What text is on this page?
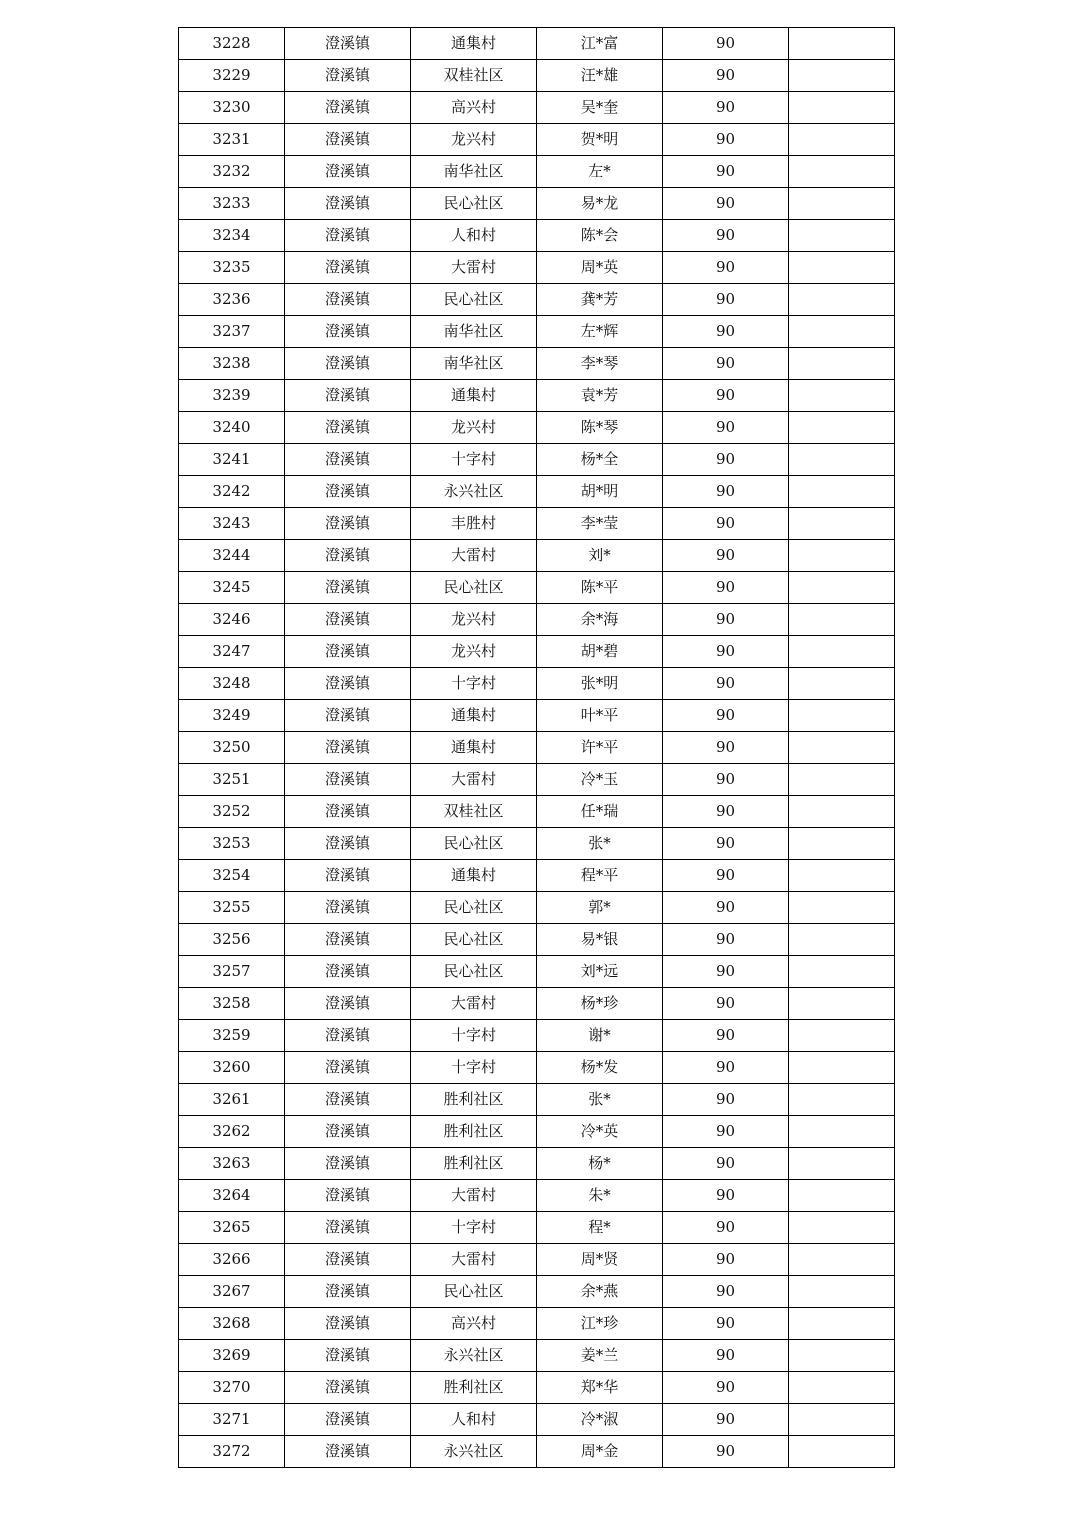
3228	澄溪镇	通集村	江*富	90	
3229	澄溪镇	双桂社区	汪*雄	90	
3230	澄溪镇	高兴村	吴*奎	90	
3231	澄溪镇	龙兴村	贺*明	90	
3232	澄溪镇	南华社区	左*	90	
3233	澄溪镇	民心社区	易*龙	90	
3234	澄溪镇	人和村	陈*会	90	
3235	澄溪镇	大雷村	周*英	90	
3236	澄溪镇	民心社区	龚*芳	90	
3237	澄溪镇	南华社区	左*辉	90	
3238	澄溪镇	南华社区	李*琴	90	
3239	澄溪镇	通集村	袁*芳	90	
3240	澄溪镇	龙兴村	陈*琴	90	
3241	澄溪镇	十字村	杨*全	90	
3242	澄溪镇	永兴社区	胡*明	90	
3243	澄溪镇	丰胜村	李*莹	90	
3244	澄溪镇	大雷村	刘*	90	
3245	澄溪镇	民心社区	陈*平	90	
3246	澄溪镇	龙兴村	余*海	90	
3247	澄溪镇	龙兴村	胡*碧	90	
3248	澄溪镇	十字村	张*明	90	
3249	澄溪镇	通集村	叶*平	90	
3250	澄溪镇	通集村	许*平	90	
3251	澄溪镇	大雷村	冷*玉	90	
3252	澄溪镇	双桂社区	任*瑞	90	
3253	澄溪镇	民心社区	张*	90	
3254	澄溪镇	通集村	程*平	90	
3255	澄溪镇	民心社区	郭*	90	
3256	澄溪镇	民心社区	易*银	90	
3257	澄溪镇	民心社区	刘*远	90	
3258	澄溪镇	大雷村	杨*珍	90	
3259	澄溪镇	十字村	谢*	90	
3260	澄溪镇	十字村	杨*发	90	
3261	澄溪镇	胜利社区	张*	90	
3262	澄溪镇	胜利社区	冷*英	90	
3263	澄溪镇	胜利社区	杨*	90	
3264	澄溪镇	大雷村	朱*	90	
3265	澄溪镇	十字村	程*	90	
3266	澄溪镇	大雷村	周*贤	90	
3267	澄溪镇	民心社区	余*燕	90	
3268	澄溪镇	高兴村	江*珍	90	
3269	澄溪镇	永兴社区	姜*兰	90	
3270	澄溪镇	胜利社区	郑*华	90	
3271	澄溪镇	人和村	冷*淑	90	
3272	澄溪镇	永兴社区	周*金	90	
